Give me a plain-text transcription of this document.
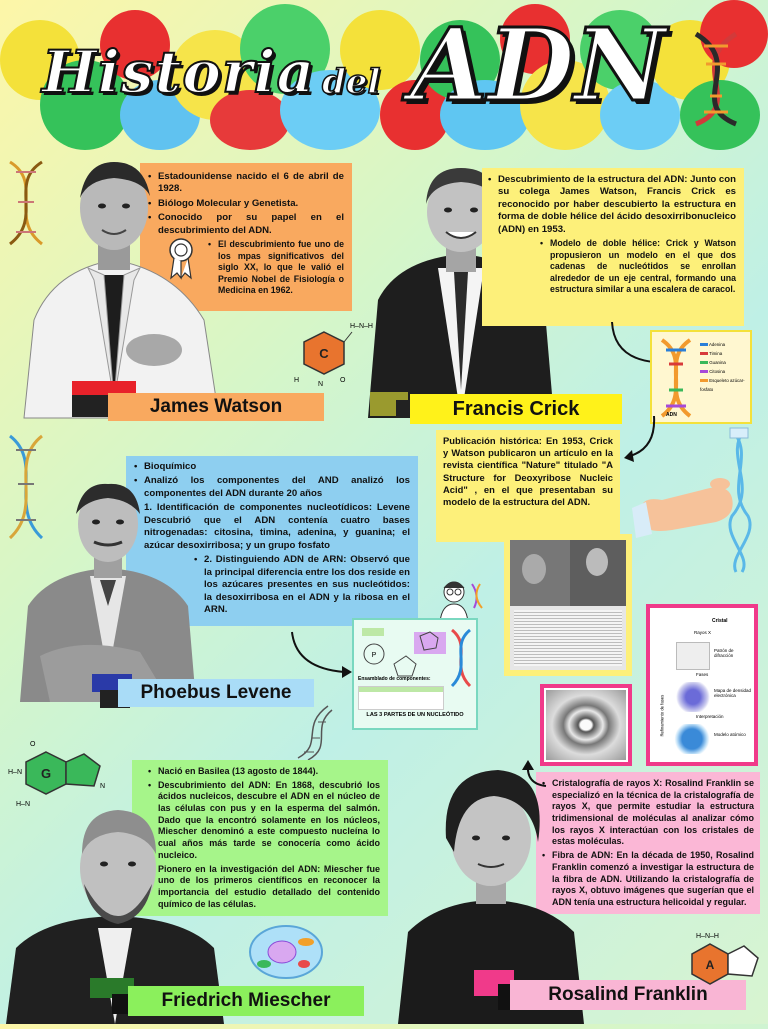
Historia del ADN
• Estadounidense nacido el 6 de abril de 1928.
• Biólogo Molecular y Genetista.
• Conocido por su papel en el descubrimiento del ADN.
• El descubrimiento fue uno de los mpas significativos del siglo XX, lo que le valió el Premio Nobel de Fisiología o Medicina en 1962.
James Watson
C
H–N–H
H
N
O
• Descubrimiento de la estructura del ADN: Junto con su colega James Watson, Francis Crick es reconocido por haber descubierto la estructura en forma de doble hélice del ácido desoxirribonucleico (ADN) en 1953.
• Modelo de doble hélice: Crick y Watson propusieron un modelo en el que dos cadenas de nucleótidos se enrollan alrededor de un eje central, formando una estructura similar a una escalera de caracol.
Francis Crick	ADN
Adenina
Timina
Guanina
Citosina
Esqueleto azúcar-fosfato
Publicación histórica: En 1953, Crick y Watson publicaron un artículo en la revista científica "Nature" titulado "A Structure for Deoxyribose Nucleic Acid" , en el que presentaban su modelo de la estructura del ADN.
• Bioquímico
• Analizó los componentes del AND analizó los componentes del ADN durante 20 años
• 1. Identificación de componentes nucleotídicos: Levene Descubrió que el ADN contenía cuatro bases nitrogenadas: citosina, timina, adenina, y guanina; el azúcar desoxirribosa; y un grupo fosfato
• 2. Distinguiendo ADN de ARN: Observó que la principal diferencia entre los dos reside en los azúcares presentes en sus nucleótidos: la desoxirribosa en el ADN y la ribosa en el ARN.
Phoebus Levene
P
Ensamblado de componentes:
LAS 3 PARTES DE UN NUCLEÓTIDO
Cristal
Rayos X
Patrón de difracción
Fases
Mapa de densidad electrónica
Interpretación
Modelo atómico
Refinamiento de fases
G
O
H–N
H–N
N
• Nació en Basilea (13 agosto de 1844).
• Descubrimiento del ADN: En 1868, descubrió los ácidos nucleicos, descubre el ADN en el núcleo de las células con pus y en la esperma del salmón. Dado que la encontró solamente en los núcleos, Miescher denominó a este compuesto nucleína lo cual años más tarde se conocería como ácido nucleico.
• Pionero en la investigación del ADN: Miescher fue uno de los primeros científicos en reconocer la importancia del estudio detallado del contenido químico de las células.
Friedrich Miescher
• Cristalografía de rayos X: Rosalind Franklin se especializó en la técnica de la cristalografía de rayos X, que permite estudiar la estructura tridimensional de moléculas al analizar cómo los rayos X interactúan con los cristales de estas moléculas.
• Fibra de ADN: En la década de 1950, Rosalind Franklin comenzó a investigar la estructura de la fibra de ADN. Utilizando la cristalografía de rayos X, obtuvo imágenes que sugerían que el ADN tenía una estructura helicoidal y regular.
Rosalind Franklin
A
H–N–H
